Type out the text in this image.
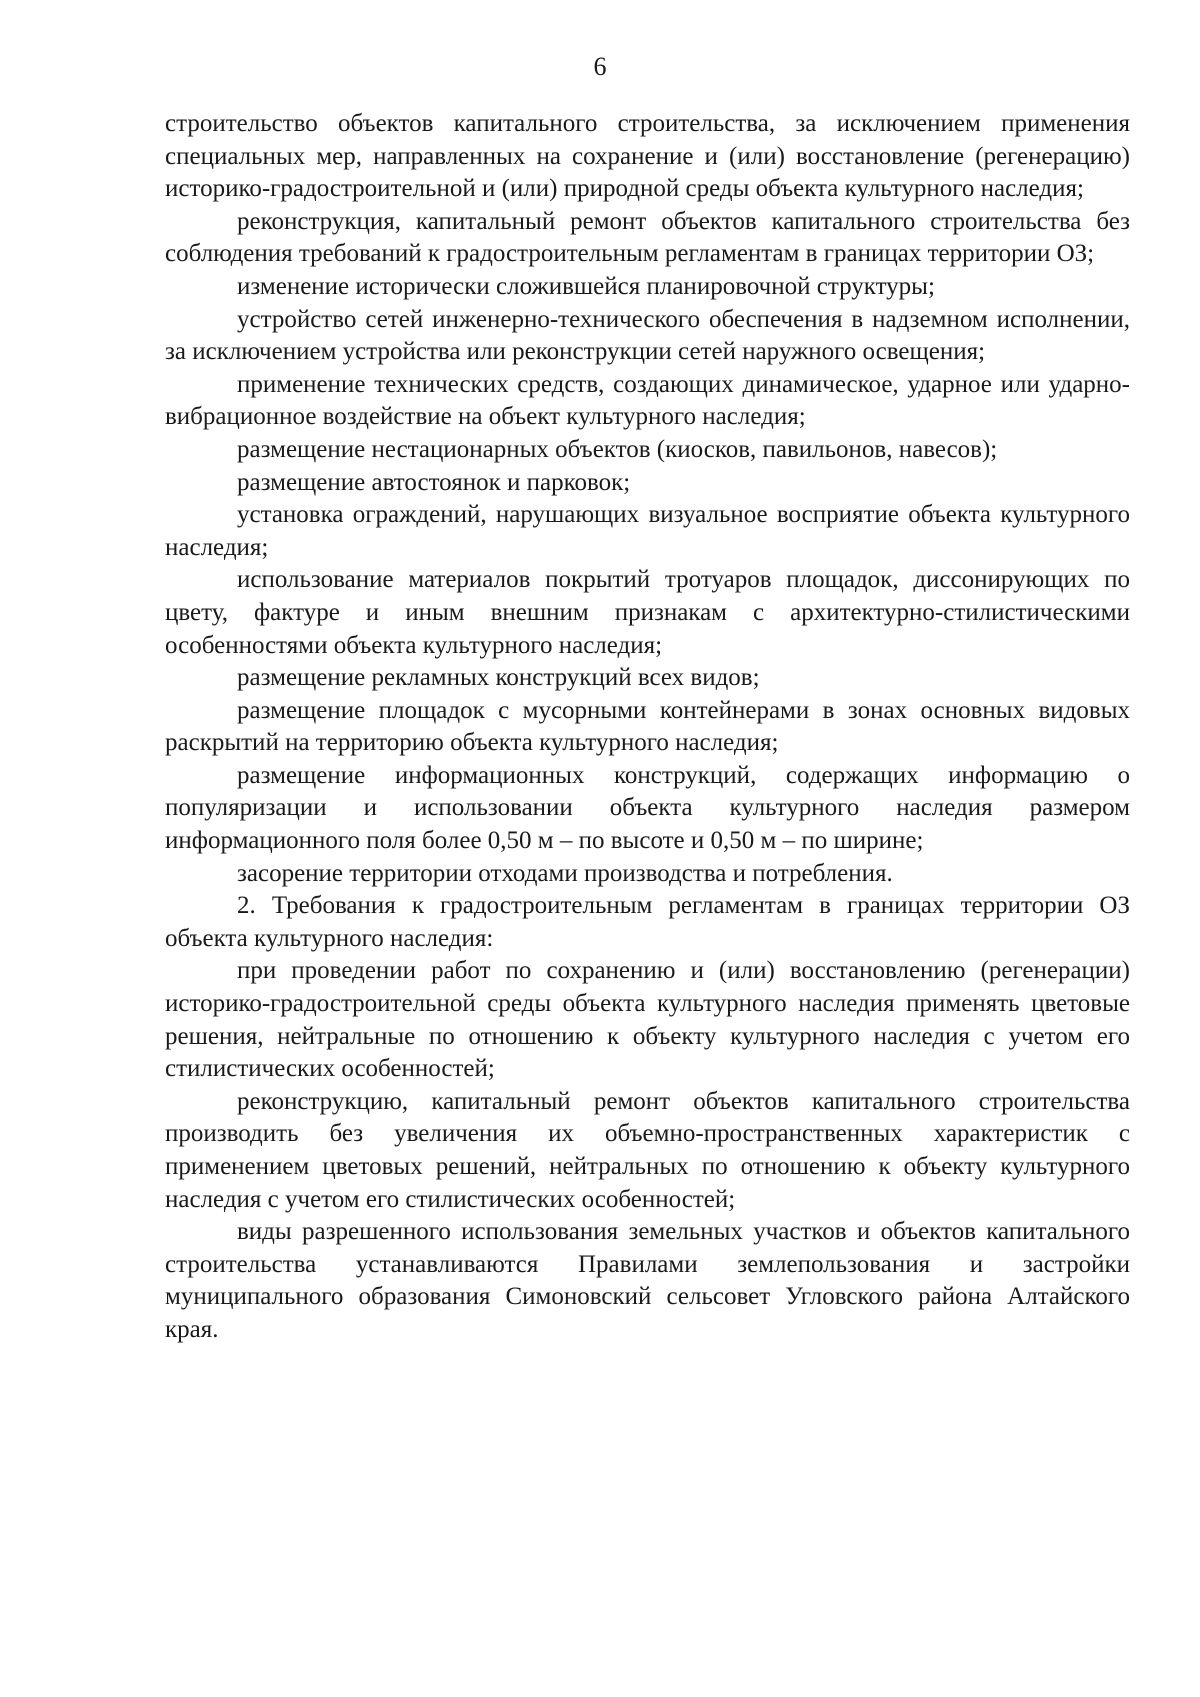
6

строительство объектов капитального строительства, за исключением применения специальных мер, направленных на сохранение и (или) восстановление (регенерацию) историко-градостроительной и (или) природной среды объекта культурного наследия;

реконструкция, капитальный ремонт объектов капитального строительства без соблюдения требований к градостроительным регламентам в границах территории ОЗ;

изменение исторически сложившейся планировочной структуры;

устройство сетей инженерно-технического обеспечения в надземном исполнении, за исключением устройства или реконструкции сетей наружного освещения;

применение технических средств, создающих динамическое, ударное или ударно-вибрационное воздействие на объект культурного наследия;

размещение нестационарных объектов (киосков, павильонов, навесов);

размещение автостоянок и парковок;

установка ограждений, нарушающих визуальное восприятие объекта культурного наследия;

использование материалов покрытий тротуаров площадок, диссонирующих по цвету, фактуре и иным внешним признакам с архитектурно-стилистическими особенностями объекта культурного наследия;

размещение рекламных конструкций всех видов;

размещение площадок с мусорными контейнерами в зонах основных видовых раскрытий на территорию объекта культурного наследия;

размещение информационных конструкций, содержащих информацию о популяризации и использовании объекта культурного наследия размером информационного поля более 0,50 м – по высоте и 0,50 м – по ширине;

засорение территории отходами производства и потребления.

2. Требования к градостроительным регламентам в границах территории ОЗ объекта культурного наследия:

при проведении работ по сохранению и (или) восстановлению (регенерации) историко-градостроительной среды объекта культурного наследия применять цветовые решения, нейтральные по отношению к объекту культурного наследия с учетом его стилистических особенностей;

реконструкцию, капитальный ремонт объектов капитального строительства производить без увеличения их объемно-пространственных характеристик с применением цветовых решений, нейтральных по отношению к объекту культурного наследия с учетом его стилистических особенностей;

виды разрешенного использования земельных участков и объектов капитального строительства устанавливаются Правилами землепользования и застройки муниципального образования Симоновский сельсовет Угловского района Алтайского края.
